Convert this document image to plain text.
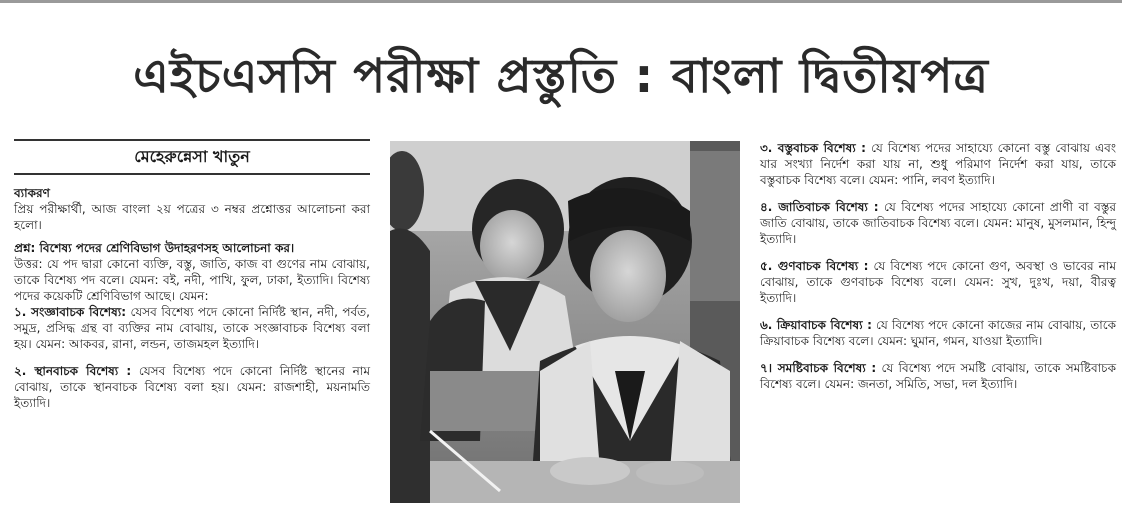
এইচএসসি পরীক্ষা প্রস্তুতি : বাংলা দ্বিতীয়পত্র
মেহেরুন্নেসা খাতুন

ব্যাকরণ

প্রিয় পরীক্ষার্থী, আজ বাংলা ২য় পত্রের ৩ নম্বর প্রশ্নোত্তর আলোচনা করা হলো।

প্রশ্ন: বিশেষ্য পদের শ্রেণিবিভাগ উদাহরণসহ আলোচনা কর।

উত্তর: যে পদ দ্বারা কোনো ব্যক্তি, বস্তু, জাতি, কাজ বা গুণের নাম বোঝায়, তাকে বিশেষ্য পদ বলে। যেমন: বই, নদী, পাখি, ফুল, ঢাকা, ইত্যাদি। বিশেষ্য পদের কয়েকটি শ্রেণিবিভাগ আছে। যেমন:

১. সংজ্ঞাবাচক বিশেষ্য: যেসব বিশেষ্য পদে কোনো নির্দিষ্ট স্থান, নদী, পর্বত, সমুদ্র, প্রসিদ্ধ গ্রন্থ বা ব্যক্তির নাম বোঝায়, তাকে সংজ্ঞাবাচক বিশেষ্য বলা হয়। যেমন: আকবর, রানা, লন্ডন, তাজমহল ইত্যাদি।

২. স্থানবাচক বিশেষ্য : যেসব বিশেষ্য পদে কোনো নির্দিষ্ট স্থানের নাম বোঝায়, তাকে স্থানবাচক বিশেষ্য বলা হয়। যেমন: রাজশাহী, ময়নামতি ইত্যাদি।

৩. বস্তুবাচক বিশেষ্য : যে বিশেষ্য পদের সাহায্যে কোনো বস্তু বোঝায় এবং যার সংখ্যা নির্দেশ করা যায় না, শুধু পরিমাণ নির্দেশ করা যায়, তাকে বস্তুবাচক বিশেষ্য বলে। যেমন: পানি, লবণ ইত্যাদি।

৪. জাতিবাচক বিশেষ্য : যে বিশেষ্য পদের সাহায্যে কোনো প্রাণী বা বস্তুর জাতি বোঝায়, তাকে জাতিবাচক বিশেষ্য বলে। যেমন: মানুষ, মুসলমান, হিন্দু ইত্যাদি।

৫. গুণবাচক বিশেষ্য : যে বিশেষ্য পদে কোনো গুণ, অবস্থা ও ভাবের নাম বোঝায়, তাকে গুণবাচক বিশেষ্য বলে। যেমন: সুখ, দুঃখ, দয়া, বীরত্ব ইত্যাদি।

৬. ক্রিয়াবাচক বিশেষ্য : যে বিশেষ্য পদে কোনো কাজের নাম বোঝায়, তাকে ক্রিয়াবাচক বিশেষ্য বলে। যেমন: ঘুমান, গমন, যাওয়া ইত্যাদি।

৭। সমষ্টিবাচক বিশেষ্য : যে বিশেষ্য পদে সমষ্টি বোঝায়, তাকে সমষ্টিবাচক বিশেষ্য বলে। যেমন: জনতা, সমিতি, সভা, দল ইত্যাদি।
